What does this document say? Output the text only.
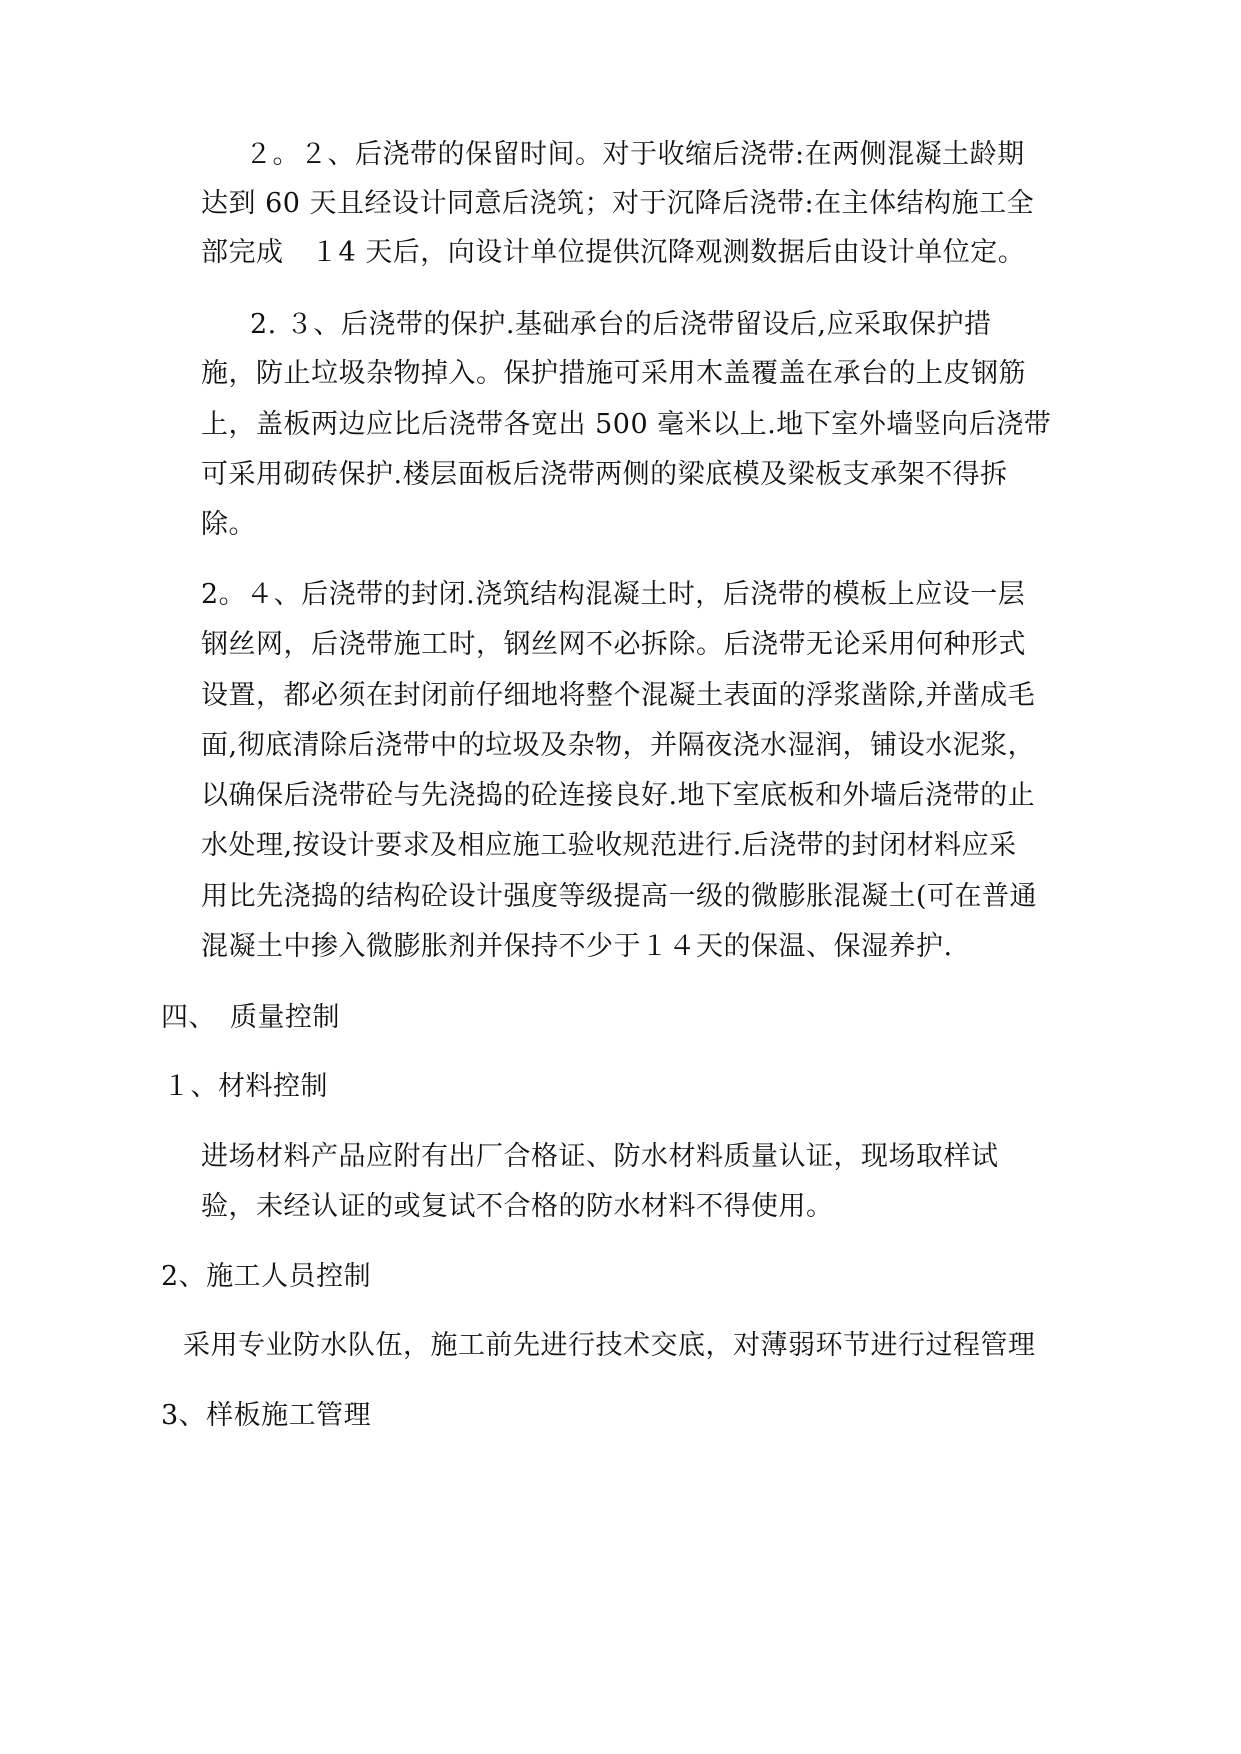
２。２、后浇带的保留时间。对于收缩后浇带:在两侧混凝土龄期
达到 60 天且经设计同意后浇筑；对于沉降后浇带:在主体结构施工全
部完成　１4 天后，向设计单位提供沉降观测数据后由设计单位定。
2. ３、后浇带的保护.基础承台的后浇带留设后,应采取保护措
施，防止垃圾杂物掉入。保护措施可采用木盖覆盖在承台的上皮钢筋
上，盖板两边应比后浇带各宽出 500 毫米以上.地下室外墙竖向后浇带
可采用砌砖保护.楼层面板后浇带两侧的梁底模及梁板支承架不得拆
除。
2。４、后浇带的封闭.浇筑结构混凝土时，后浇带的模板上应设一层
钢丝网，后浇带施工时，钢丝网不必拆除。后浇带无论采用何种形式
设置，都必须在封闭前仔细地将整个混凝土表面的浮浆凿除,并凿成毛
面,彻底清除后浇带中的垃圾及杂物，并隔夜浇水湿润，铺设水泥浆，
以确保后浇带砼与先浇捣的砼连接良好.地下室底板和外墙后浇带的止
水处理,按设计要求及相应施工验收规范进行.后浇带的封闭材料应采
用比先浇捣的结构砼设计强度等级提高一级的微膨胀混凝土(可在普通
混凝土中掺入微膨胀剂并保持不少于１４天的保温、保湿养护.
四、　质量控制
１、材料控制
进场材料产品应附有出厂合格证、防水材料质量认证，现场取样试
验，未经认证的或复试不合格的防水材料不得使用。
2、施工人员控制
采用专业防水队伍，施工前先进行技术交底，对薄弱环节进行过程管理
3、样板施工管理
